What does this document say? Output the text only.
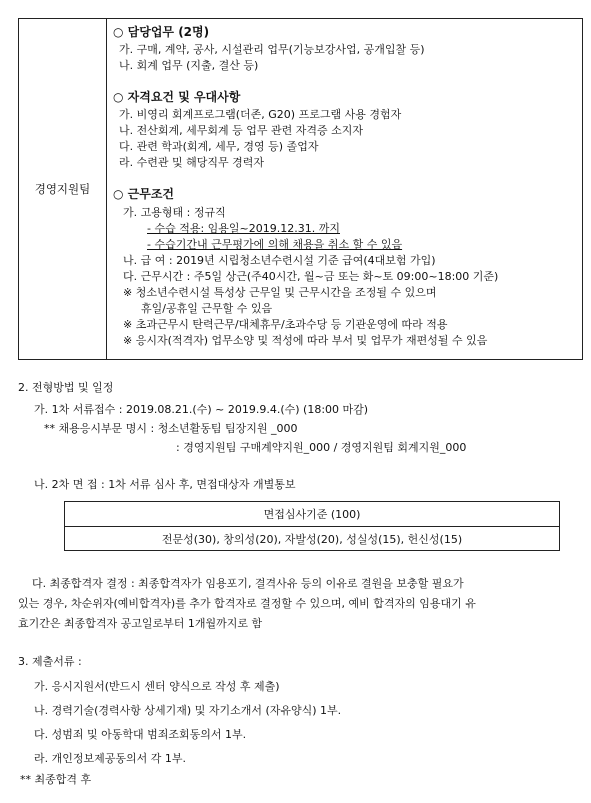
경영지원팀
○ 담당업무 (2명)
가. 구매, 계약, 공사, 시설관리 업무(기능보강사업, 공개입찰 등)
나. 회계 업무 (지출, 결산 등)
○ 자격요건 및 우대사항
가. 비영리 회계프로그램(더존, G20) 프로그램 사용 경험자
나. 전산회계, 세무회계 등 업무 관련 자격증 소지자
다. 관련 학과(회계, 세무, 경영 등) 졸업자
라. 수련관 및 해당직무 경력자
○ 근무조건
가. 고용형태 : 정규직
- 수습 적용: 임용일~2019.12.31. 까지
- 수습기간내 근무평가에 의해 채용을 취소 할 수 있음
나. 급 여 : 2019년 시립청소년수련시설 기준 급여(4대보험 가입)
다. 근무시간 : 주5일 상근(주40시간, 월~금 또는 화~토 09:00~18:00 기준)
※ 청소년수련시설 특성상 근무일 및 근무시간을 조정될 수 있으며
휴일/공휴일 근무할 수 있음
※ 초과근무시 탄력근무/대체휴무/초과수당 등 기관운영에 따라 적용
※ 응시자(적격자) 업무소양 및 적성에 따라 부서 및 업무가 재편성될 수 있음
2. 전형방법 및 일정
가. 1차 서류접수 : 2019.08.21.(수) ~ 2019.9.4.(수) (18:00 마감)
** 채용응시부문 명시 : 청소년활동팀 팀장지원 _000
: 경영지원팀 구매계약지원_000 / 경영지원팀 회계지원_000
나. 2차 면 접 : 1차 서류 심사 후, 면접대상자 개별통보
면접심사기준 (100)
전문성(30), 창의성(20), 자발성(20), 성실성(15), 헌신성(15)
다. 최종합격자 결정 : 최종합격자가 임용포기, 결격사유 등의 이유로 결원을 보충할 필요가
있는 경우, 차순위자(예비합격자)를 추가 합격자로 결정할 수 있으며, 예비 합격자의 임용대기 유
효기간은 최종합격자 공고일로부터 1개월까지로 함
3. 제출서류 :
가. 응시지원서(반드시 센터 양식으로 작성 후 제출)
나. 경력기술(경력사항 상세기재) 및 자기소개서 (자유양식) 1부.
다. 성범죄 및 아동학대 범죄조회동의서 1부.
라. 개인정보제공동의서 각 1부.
** 최종합격 후
